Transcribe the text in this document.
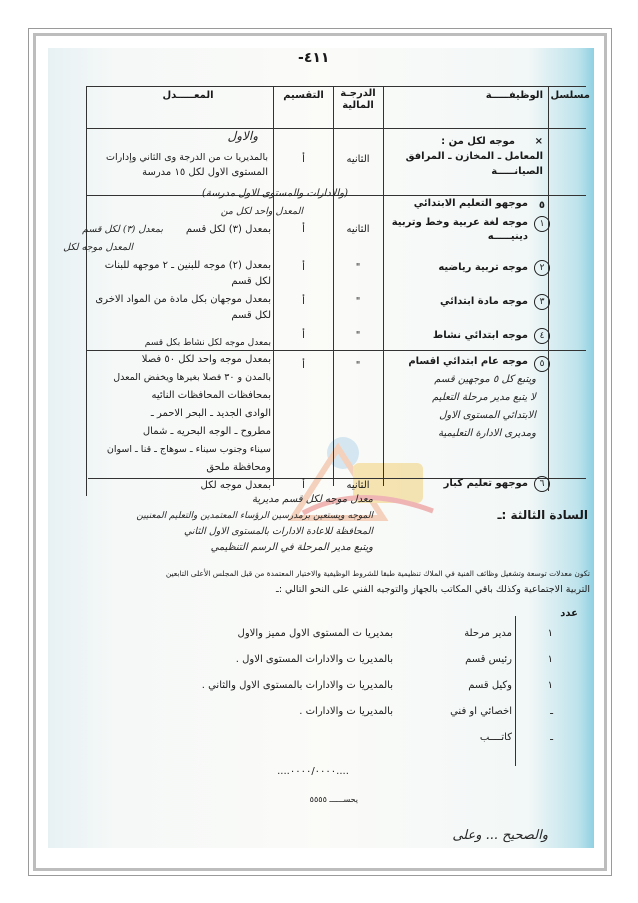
٤١١-
مسلسل
الوظيفـــــة
الدرجـة المالية
التقسيم
المعـــــدل
×
موجه لكل من :
المعامل ـ المخازن ـ المرافق
الصيانـــــة
الثانيه
أ
والاول
بالمديريا ت من الدرجة وى الثاني وإدارات
المستوى الاول لكل ١٥ مدرسة
٥
موجهو التعليم الابتدائي
(والادارات والمستوى الاول مدرسة)
المعدل واحد لكل من
بمعدل (٣) لكل قسم
المعدل موجه لكل
١
موجه لغة عربية وخط وتربية دينيـــــه
الثانيه
أ
بمعدل (٣) لكل قسم
٢
موجه تربية رياضيه
"
أ
بمعدل (٢) موجه للبنين ـ ٢ موجهه للبنات لكل قسم
٣
موجه مادة ابتدائي
"
أ
بمعدل موجهان بكل مادة من المواد الاخرى لكل قسم
٤
موجه ابتدائي نشاط
"
أ
بمعدل موجه لكل نشاط بكل قسم
٥
موجه عام ابتدائي اقسام
ويتبع كل ٥ موجهين قسم
لا يتبع مدير مرحلة التعليم
الابتدائي المستوى الاول
ومديرى الادارة التعليمية
"
أ
بمعدل موجه واحد لكل ٥٠ فصلا
بالمدن و ٣٠ فصلا بغيرها ويخفض المعدل
بمحافظات المحافظات النائيه
الوادى الجديد ـ البحر الاحمر ـ
مطروح ـ الوجه البحريه ـ شمال
سيناء وجنوب سيناء ـ سوهاج ـ قنا ـ اسوان
ومحافظة ملحق
٦
موجهو تعليم كبار
الثانيه
أ
بمعدل موجه لكل
معدل موجه لكل قسم مديرية
الموجه ويستعين برمدرسين الرؤساء المعتمدين والتعليم المعنيين
المحافظة للاعادة الادارات بالمستوى الاول الثاني
ويتبع مدير المرحلة في الرسم التنظيمي
السادة الثالثة :ـ
تكون معدلات توسعة وتشغيل وظائف الفنية في الملاك تنظيمية طبقا للشروط الوظيفية والاختيار المعتمدة من قبل المجلس الأعلى التابعين
التربية الاجتماعية وكذلك باقي المكاتب بالجهاز والتوجيه الفني على النحو التالي :ـ
عدد
١
مدير مرحلة
بمديريا ت المستوى الاول مميز والاول
١
رئيس قسم
بالمديريا ت والادارات المستوى الاول .
١
وكيل قسم
بالمديريا ت والادارات بالمستوى الاول والثاني .
ـ
اخصائي او فني
بالمديريا ت والادارات .
ـ
كاتــــب
....٠٠٠٠/٠٠٠٠....
يحســــــ ٥٥٥٥
والصحيح ... وعلى
